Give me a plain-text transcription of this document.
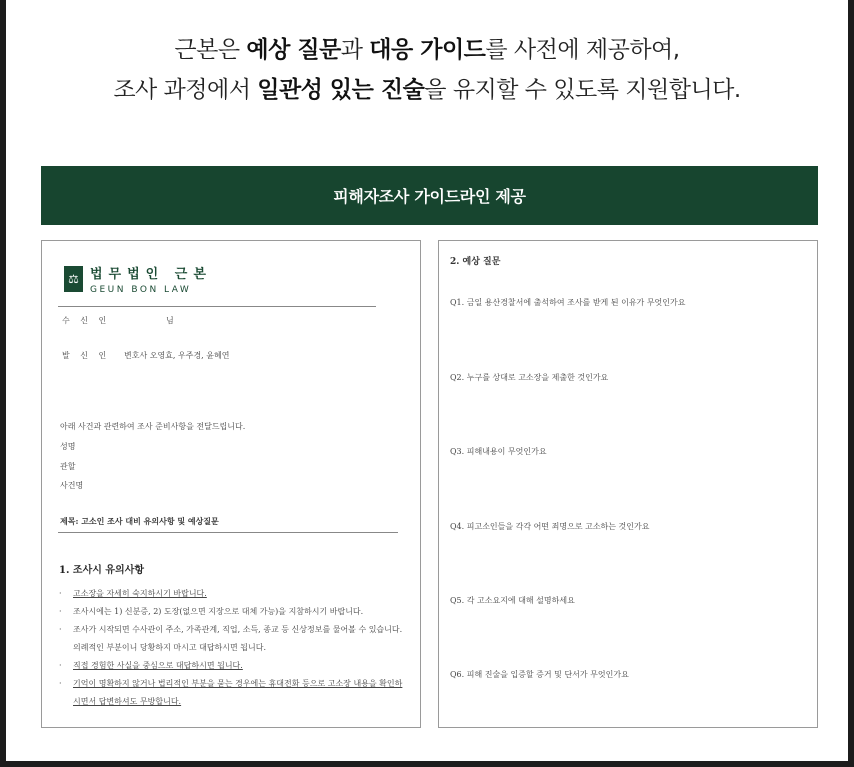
근본은 예상 질문과 대응 가이드를 사전에 제공하여,
조사 과정에서 일관성 있는 진술을 유지할 수 있도록 지원합니다.
피해자조사 가이드라인 제공
⚖ 법무법인 근본
GEUN BON LAW
수 신 인	님
발 신 인 변호사 오영효, 우주경, 윤혜연
아래 사건과 관련하여 조사 준비사항을 전달드립니다.
성명
관할
사건명
제목: 고소인 조사 대비 유의사항 및 예상질문
1. 조사시 유의사항
· 고소장을 자세히 숙지하시기 바랍니다.
· 조사시에는 1) 신분증, 2) 도장(없으면 지장으로 대체 가능)을 지참하시기 바랍니다.
· 조사가 시작되면 수사관이 주소, 가족관계, 직업, 소득, 종교 등 신상정보를 물어볼 수 있습니다. 의례적인 부분이니 당황하지 마시고 대답하시면 됩니다.
· 직접 경험한 사실을 중심으로 대답하시면 됩니다.
· 기억이 명확하지 않거나 법리적인 부분을 묻는 경우에는 휴대전화 등으로 고소장 내용을 확인하시면서 답변하셔도 무방합니다.
2. 예상 질문
Q1. 금일 용산경찰서에 출석하여 조사를 받게 된 이유가 무엇인가요
Q2. 누구를 상대로 고소장을 제출한 것인가요
Q3. 피해내용이 무엇인가요
Q4. 피고소인들을 각각 어떤 죄명으로 고소하는 것인가요
Q5. 각 고소요지에 대해 설명하세요
Q6. 피해 진술을 입증할 증거 및 단서가 무엇인가요
